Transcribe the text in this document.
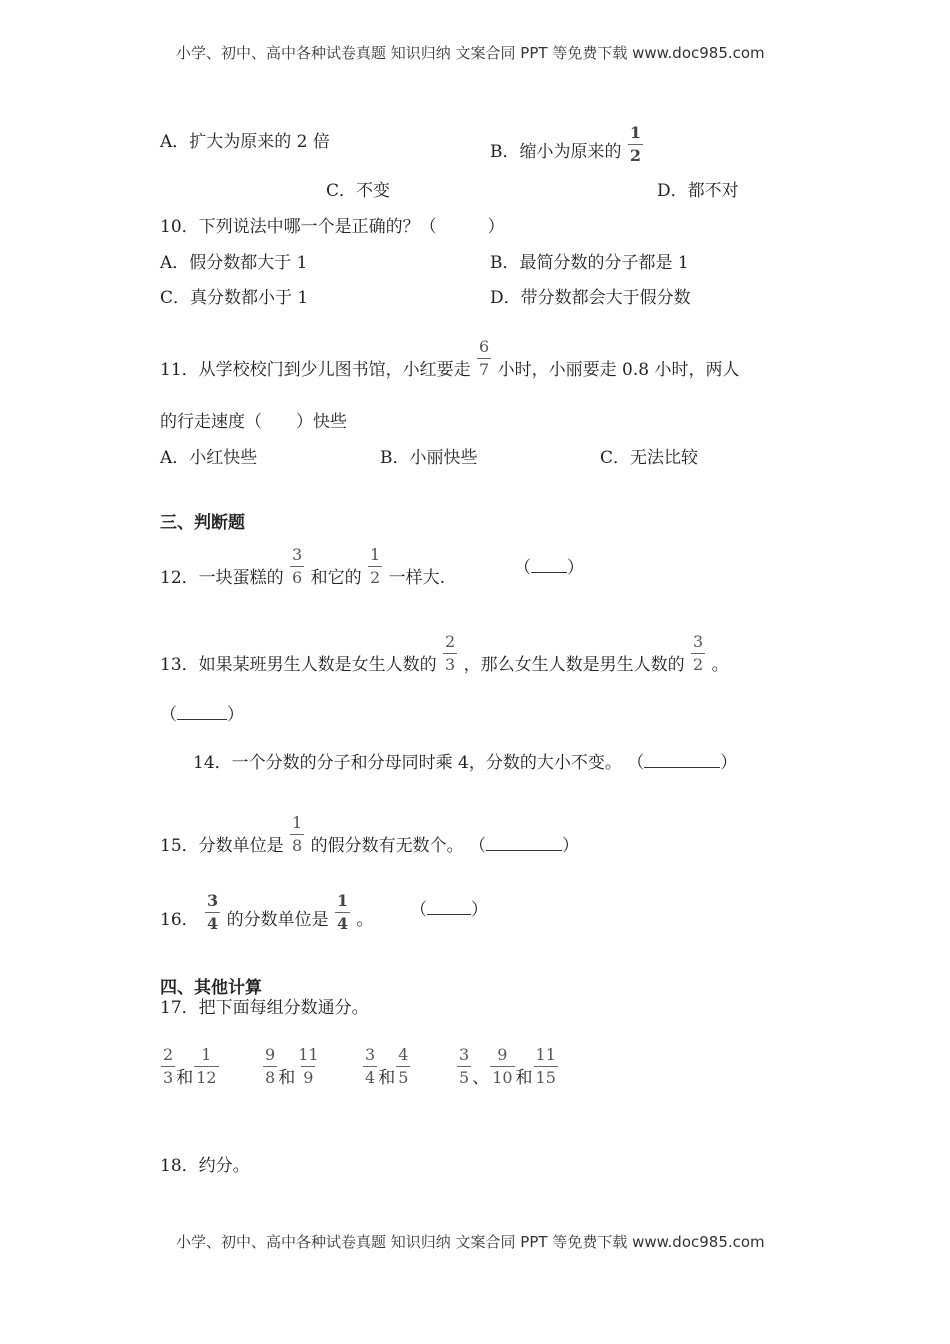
小学、初中、高中各种试卷真题 知识归纳 文案合同 PPT 等免费下载 www.doc985.com
A．扩大为原来的 2 倍	B．缩小为原来的 $\frac{1}{2}$
C．不变	D．都不对
10．下列说法中哪一个是正确的？（　　　）
A．假分数都大于 1	B．最简分数的分子都是 1
C．真分数都小于 1	D．带分数都会大于假分数
11．从学校校门到少儿图书馆，小红要走 $\frac{6}{7}$ 小时，小丽要走 0.8 小时，两人
的行走速度（　　）快些
A．小红快些	B．小丽快些	C．无法比较
三、判断题
12．一块蛋糕的 $\frac{3}{6}$ 和它的 $\frac{1}{2}$ 一样大.	（ ）
13．如果某班男生人数是女生人数的 $\frac{2}{3}$ ，那么女生人数是男生人数的 $\frac{3}{2}$ 。
（	）
14．一个分数的分子和分母同时乘 4，分数的大小不变。 （	）
15．分数单位是 $\frac{1}{8}$ 的假分数有无数个。 （	）
16． $\frac{3}{4}$ 的分数单位是 $\frac{1}{4}$ 。 （	）
四、其他计算
17．把下面每组分数通分。
$\frac{2}{3}$ 和 $\frac{1}{12}$	$\frac{9}{8}$ 和 $\frac{11}{9}$	$\frac{3}{4}$ 和 $\frac{4}{5}$	$\frac{3}{5}$ 、 $\frac{9}{10}$ 和 $\frac{11}{15}$
18．约分。
小学、初中、高中各种试卷真题 知识归纳 文案合同 PPT 等免费下载 www.doc985.com
